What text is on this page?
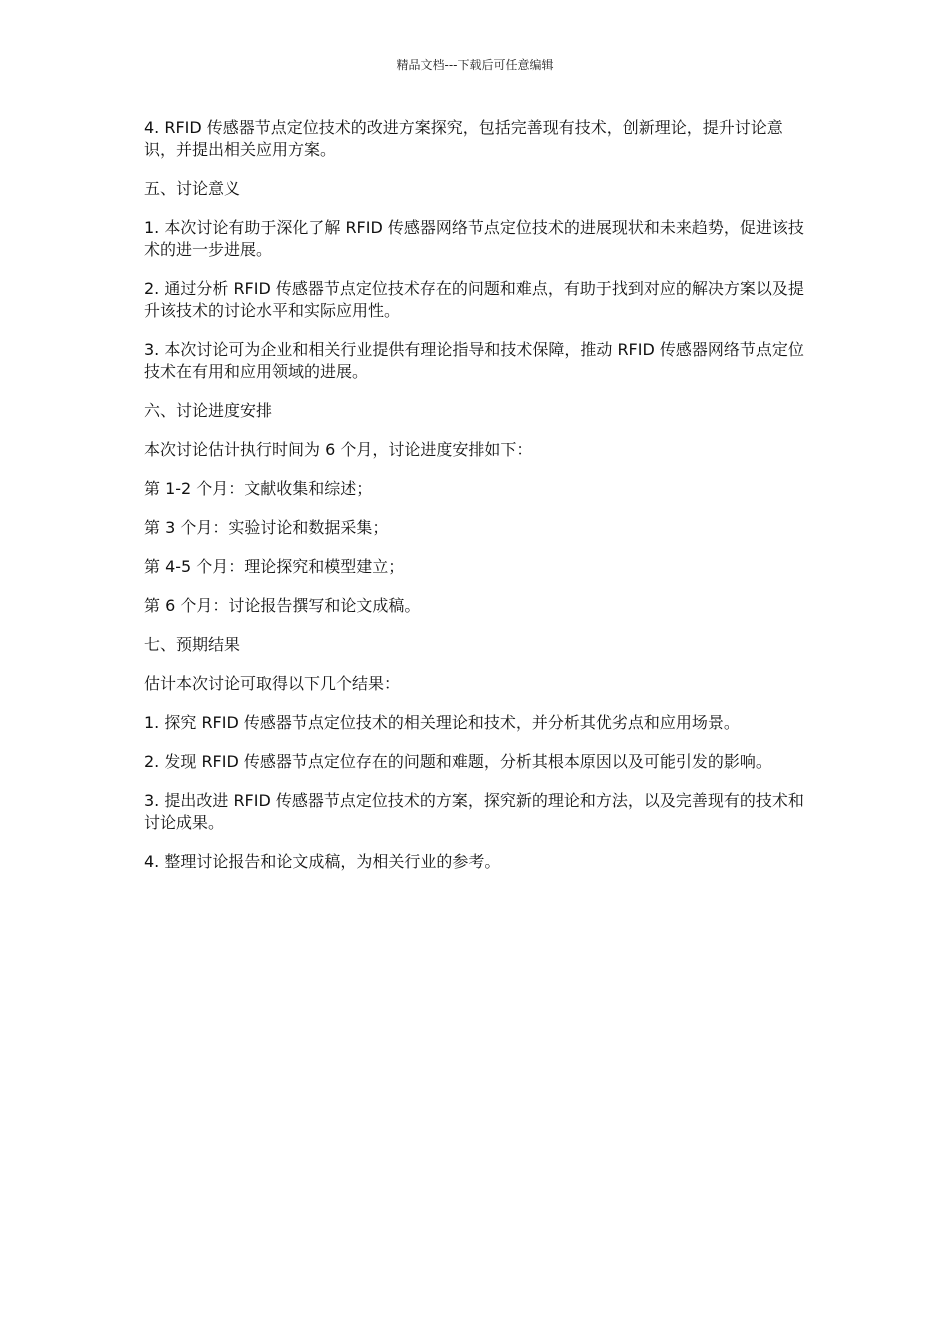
精品文档---下载后可任意编辑

4. RFID 传感器节点定位技术的改进方案探究，包括完善现有技术，创新理论，提升讨论意识，并提出相关应用方案。

五、讨论意义

1. 本次讨论有助于深化了解 RFID 传感器网络节点定位技术的进展现状和未来趋势，促进该技术的进一步进展。

2. 通过分析 RFID 传感器节点定位技术存在的问题和难点，有助于找到对应的解决方案以及提升该技术的讨论水平和实际应用性。

3. 本次讨论可为企业和相关行业提供有理论指导和技术保障，推动 RFID 传感器网络节点定位技术在有用和应用领域的进展。

六、讨论进度安排

本次讨论估计执行时间为 6 个月，讨论进度安排如下：

第 1-2 个月：文献收集和综述；

第 3 个月：实验讨论和数据采集；

第 4-5 个月：理论探究和模型建立；

第 6 个月：讨论报告撰写和论文成稿。

七、预期结果

估计本次讨论可取得以下几个结果：

1. 探究 RFID 传感器节点定位技术的相关理论和技术，并分析其优劣点和应用场景。

2. 发现 RFID 传感器节点定位存在的问题和难题，分析其根本原因以及可能引发的影响。

3. 提出改进 RFID 传感器节点定位技术的方案，探究新的理论和方法，以及完善现有的技术和讨论成果。

4. 整理讨论报告和论文成稿，为相关行业的参考。
